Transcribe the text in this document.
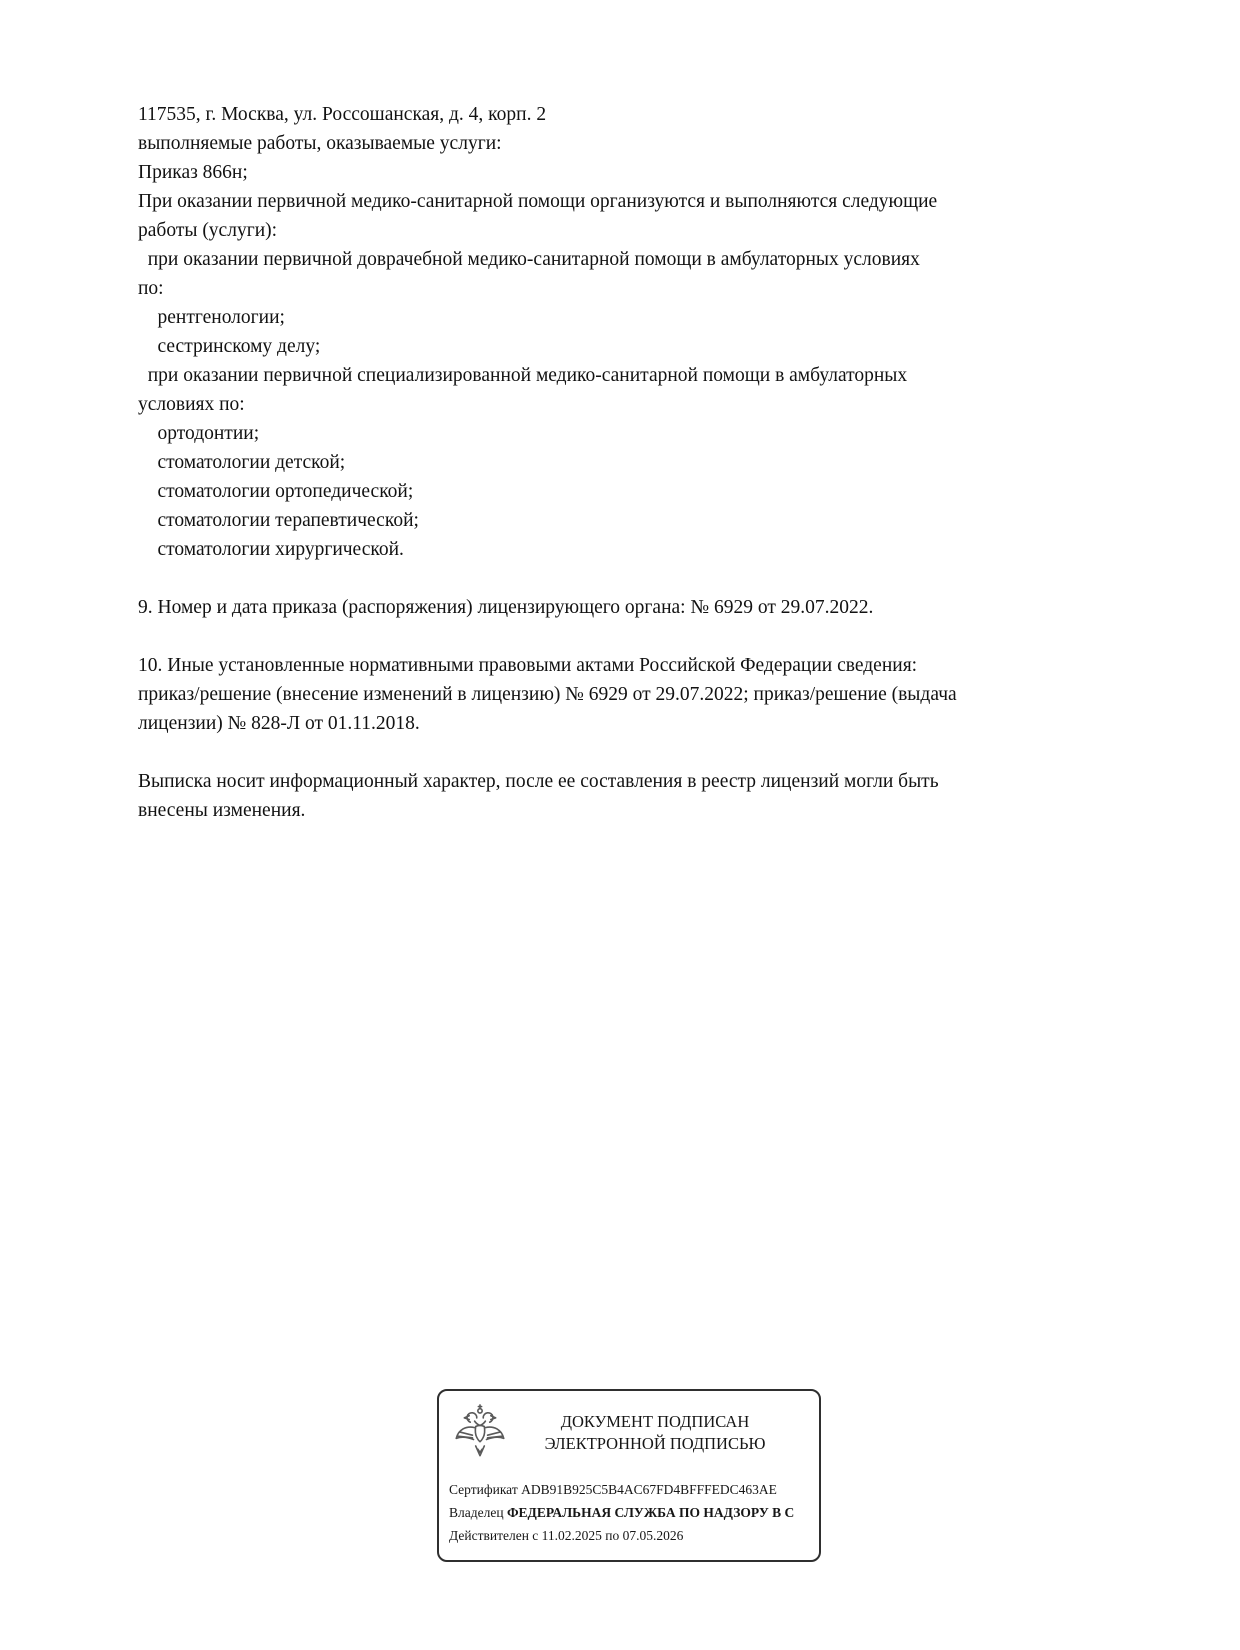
117535, г. Москва, ул. Россошанская, д. 4, корп. 2
выполняемые работы, оказываемые услуги:
Приказ 866н;
При оказании первичной медико-санитарной помощи организуются и выполняются следующие
работы (услуги):
при оказании первичной доврачебной медико-санитарной помощи в амбулаторных условиях
по:
рентгенологии;
сестринскому делу;
при оказании первичной специализированной медико-санитарной помощи в амбулаторных
условиях по:
ортодонтии;
стоматологии детской;
стоматологии ортопедической;
стоматологии терапевтической;
стоматологии хирургической.
9. Номер и дата приказа (распоряжения) лицензирующего органа: № 6929 от 29.07.2022.
10. Иные установленные нормативными правовыми актами Российской Федерации сведения:
приказ/решение (внесение изменений в лицензию) № 6929 от 29.07.2022; приказ/решение (выдача
лицензии) № 828-Л от 01.11.2018.
Выписка носит информационный характер, после ее составления в реестр лицензий могли быть
внесены изменения.
ДОКУМЕНТ ПОДПИСАН
ЭЛЕКТРОННОЙ ПОДПИСЬЮ
Сертификат ADB91B925C5B4AC67FD4BFFFEDC463AE
Владелец ФЕДЕРАЛЬНАЯ СЛУЖБА ПО НАДЗОРУ В С
Действителен с 11.02.2025 по 07.05.2026
